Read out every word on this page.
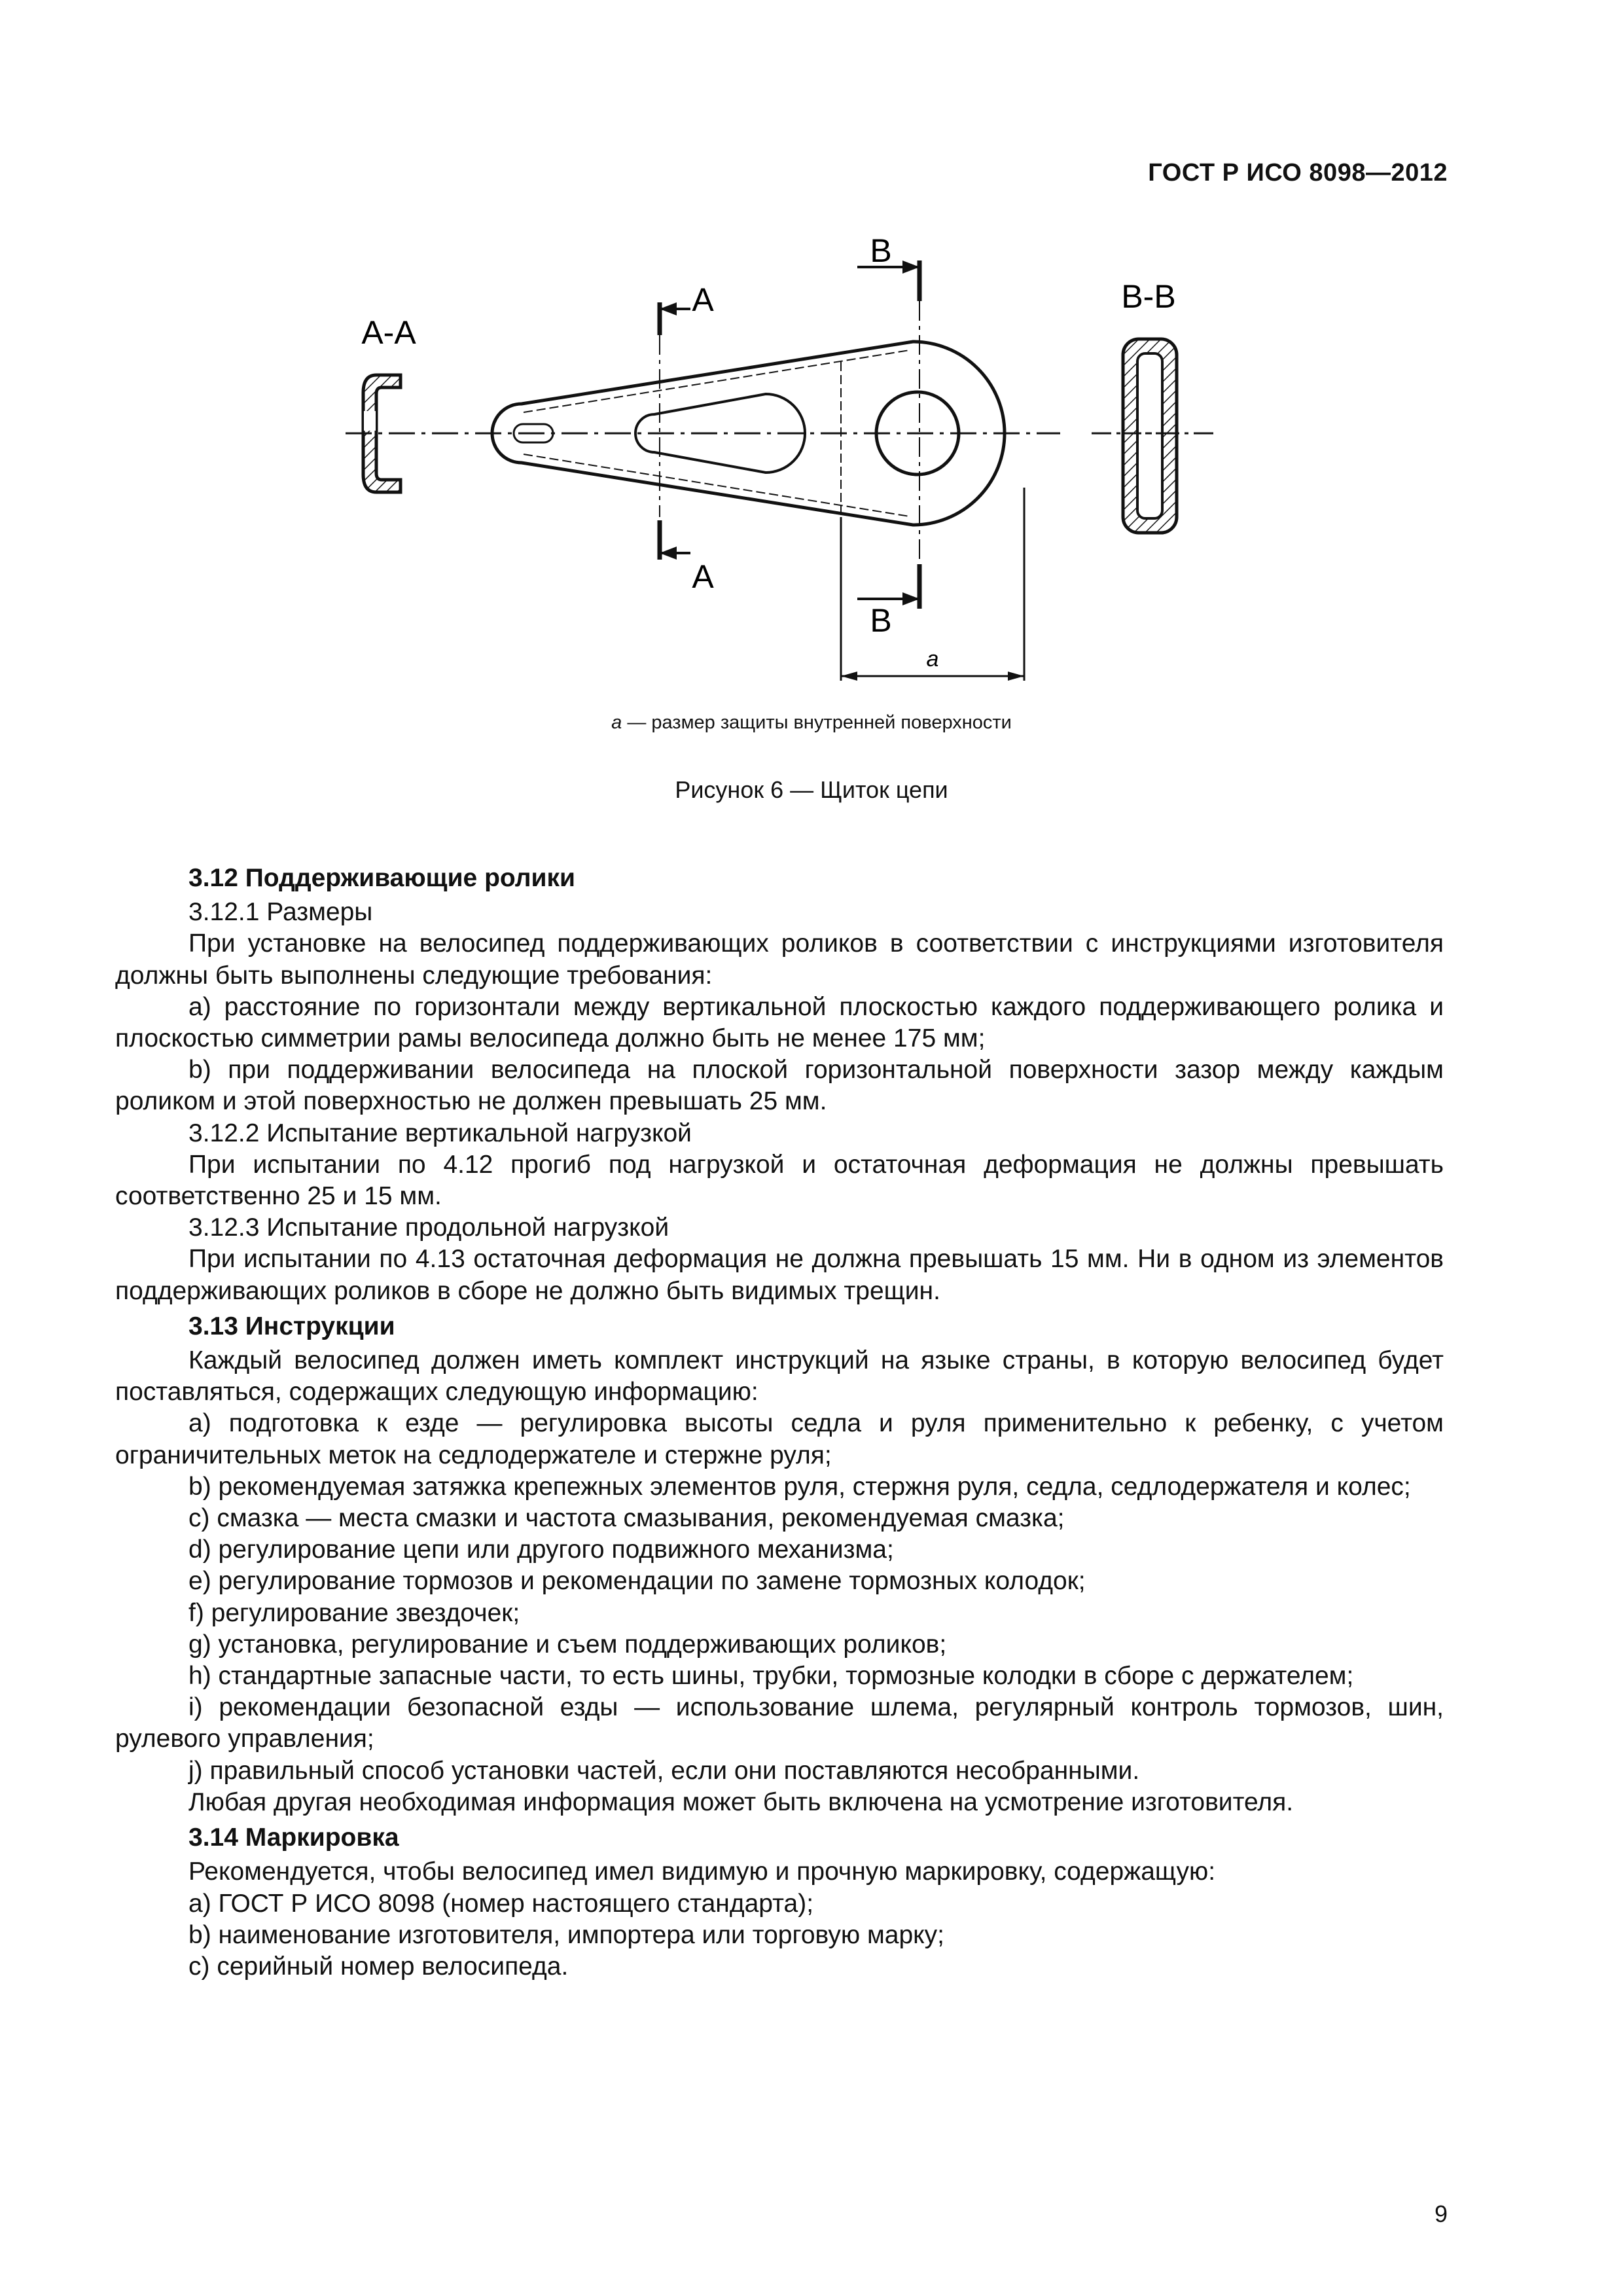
ГОСТ Р ИСО 8098—2012
А-А
А
А
В
В
а
В-В
а — размер защиты внутренней поверхности
Рисунок 6 — Щиток цепи

3.12 Поддерживающие ролики

3.12.1 Размеры

При установке на велосипед поддерживающих роликов в соответствии с инструкциями изготовителя должны быть выполнены следующие требования:

a) расстояние по горизонтали между вертикальной плоскостью каждого поддерживающего ролика и плоскостью симметрии рамы велосипеда должно быть не менее 175 мм;

b) при поддерживании велосипеда на плоской горизонтальной поверхности зазор между каждым роликом и этой поверхностью не должен превышать 25 мм.

3.12.2 Испытание вертикальной нагрузкой

При испытании по 4.12 прогиб под нагрузкой и остаточная деформация не должны превышать соответственно 25 и 15 мм.

3.12.3 Испытание продольной нагрузкой

При испытании по 4.13 остаточная деформация не должна превышать 15 мм. Ни в одном из элементов поддерживающих роликов в сборе не должно быть видимых трещин.

3.13 Инструкции

Каждый велосипед должен иметь комплект инструкций на языке страны, в которую велосипед будет поставляться, содержащих следующую информацию:

a) подготовка к езде — регулировка высоты седла и руля применительно к ребенку, с учетом ограничительных меток на седлодержателе и стержне руля;

b) рекомендуемая затяжка крепежных элементов руля, стержня руля, седла, седлодержателя и колес;

c) смазка — места смазки и частота смазывания, рекомендуемая смазка;

d) регулирование цепи или другого подвижного механизма;

e) регулирование тормозов и рекомендации по замене тормозных колодок;

f) регулирование звездочек;

g) установка, регулирование и съем поддерживающих роликов;

h) стандартные запасные части, то есть шины, трубки, тормозные колодки в сборе с держателем;

i) рекомендации безопасной езды — использование шлема, регулярный контроль тормозов, шин, рулевого управления;

j) правильный способ установки частей, если они поставляются несобранными.

Любая другая необходимая информация может быть включена на усмотрение изготовителя.

3.14 Маркировка

Рекомендуется, чтобы велосипед имел видимую и прочную маркировку, содержащую:

a) ГОСТ Р ИСО 8098 (номер настоящего стандарта);

b) наименование изготовителя, импортера или торговую марку;

c) серийный номер велосипеда.

9
